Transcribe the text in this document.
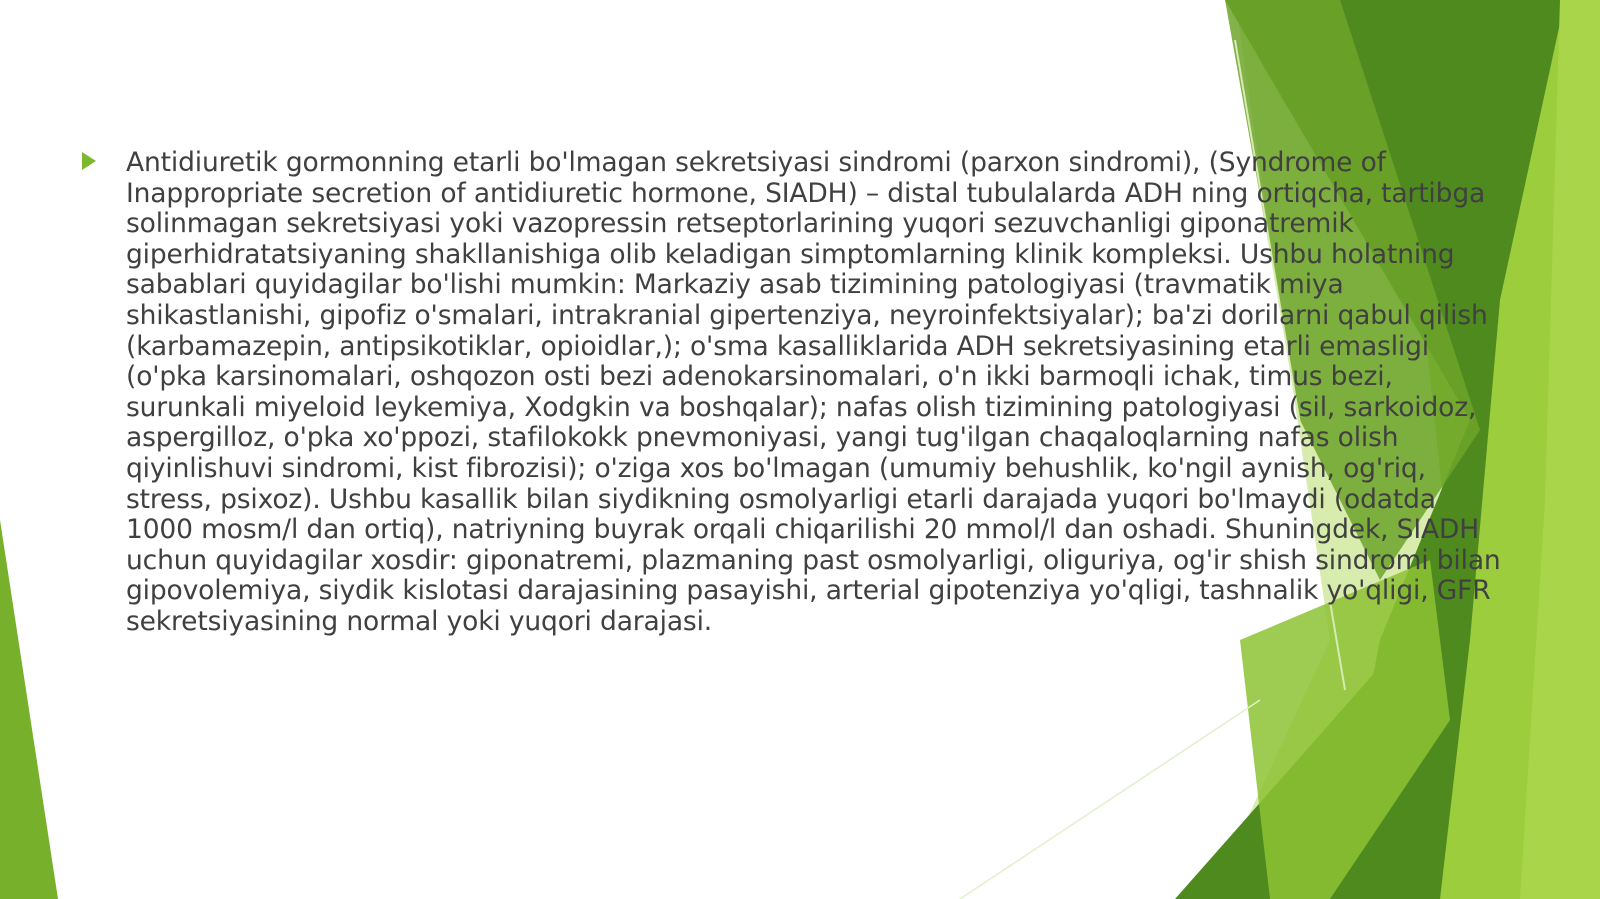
Antidiuretik gormonning etarli bo'lmagan sekretsiyasi sindromi (parxon sindromi), (Syndrome of Inappropriate secretion of antidiuretic hormone, SIADH) – distal tubulalarda ADH ning ortiqcha, tartibga solinmagan sekretsiyasi yoki vazopressin retseptorlarining yuqori sezuvchanligi giponatremik giperhidratatsiyaning shakllanishiga olib keladigan simptomlarning klinik kompleksi. Ushbu holatning sabablari quyidagilar bo'lishi mumkin: Markaziy asab tizimining patologiyasi (travmatik miya shikastlanishi, gipofiz o'smalari, intrakranial gipertenziya, neyroinfektsiyalar); ba'zi dorilarni qabul qilish (karbamazepin, antipsikotiklar, opioidlar,); o'sma kasalliklarida ADH sekretsiyasining etarli emasligi (o'pka karsinomalari, oshqozon osti bezi adenokarsinomalari, o'n ikki barmoqli ichak, timus bezi, surunkali miyeloid leykemiya, Xodgkin va boshqalar); nafas olish tizimining patologiyasi (sil, sarkoidoz, aspergilloz, o'pka xo'ppozi, stafilokokk pnevmoniyasi, yangi tug'ilgan chaqaloqlarning nafas olish qiyinlishuvi sindromi, kist fibrozisi); o'ziga xos bo'lmagan (umumiy behushlik, ko'ngil aynish, og'riq, stress, psixoz). Ushbu kasallik bilan siydikning osmolyarligi etarli darajada yuqori bo'lmaydi (odatda 1000 mosm/l dan ortiq), natriyning buyrak orqali chiqarilishi 20 mmol/l dan oshadi. Shuningdek, SIADH uchun quyidagilar xosdir: giponatremi, plazmaning past osmolyarligi, oliguriya, og'ir shish sindromi bilan gipovolemiya, siydik kislotasi darajasining pasayishi, arterial gipotenziya yo'qligi, tashnalik yo'qligi, GFR sekretsiyasining normal yoki yuqori darajasi.
